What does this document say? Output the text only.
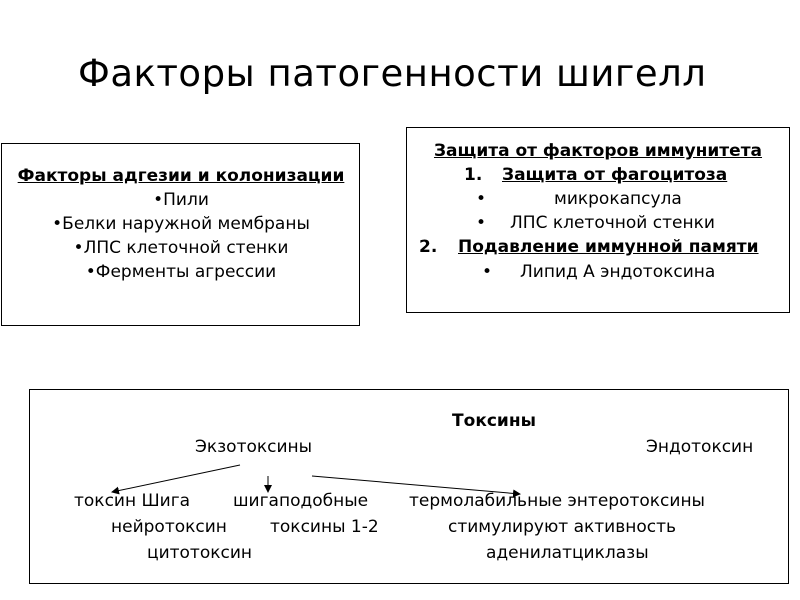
Факторы патогенности шигелл
Факторы адгезии и колонизации
•Пили
•Белки наружной мембраны
•ЛПС клеточной стенки
•Ферменты агрессии
Защита от факторов иммунитета
1. Защита от фагоцитоза
•	микрокапсула
• ЛПС клеточной стенки
2. Подавление иммунной памяти
• Липид А эндотоксина
Токсины
Экзотоксины	Эндотоксин
токсин Шига
нейротоксин
цитотоксин
шигаподобные
токсины 1-2
термолабильные энтеротоксины
стимулируют активность
аденилатциклазы
